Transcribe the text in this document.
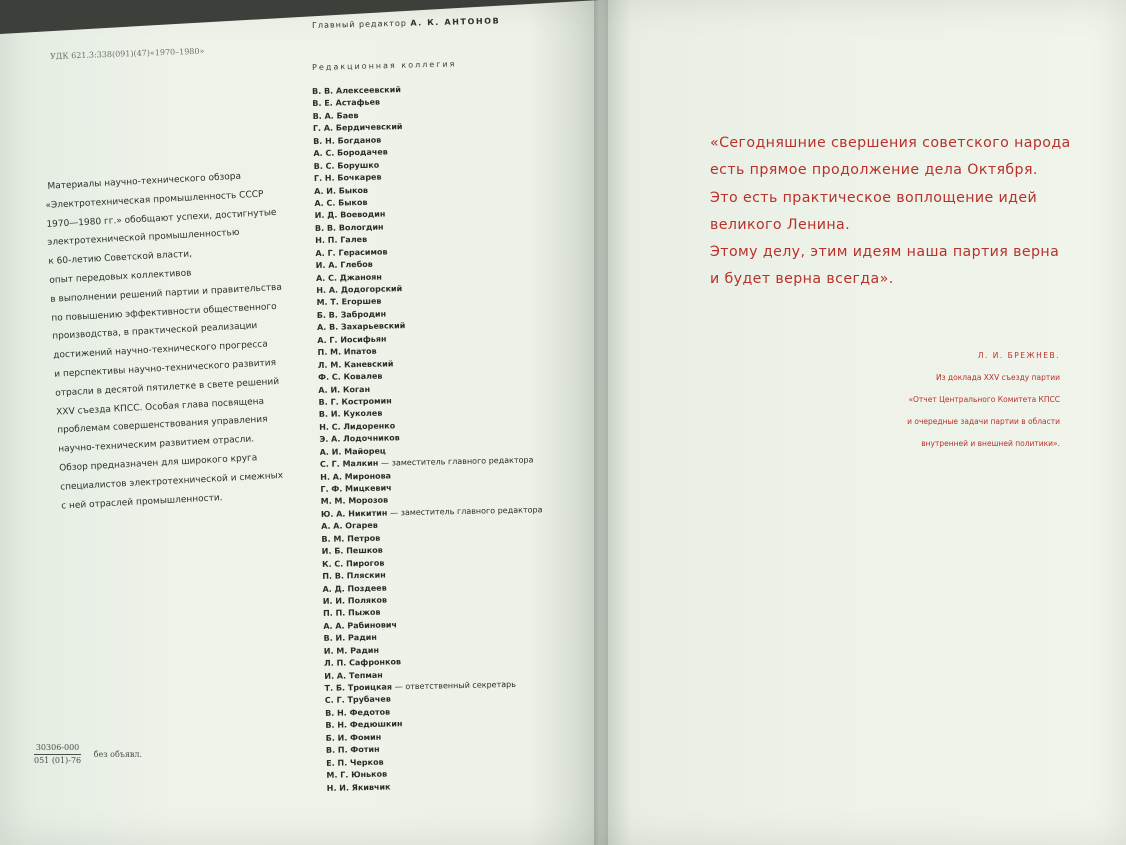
УДК 621.3:338(091)(47)«1970–1980»
Материалы научно-технического обзора
«Электротехническая промышленность СССР
1970—1980 гг.» обобщают успехи, достигнутые
электротехнической промышленностью
к 60-летию Советской власти,
опыт передовых коллективов
в выполнении решений партии и правительства
по повышению эффективности общественного
производства, в практической реализации
достижений научно-технического прогресса
и перспективы научно-технического развития
отрасли в десятой пятилетке в свете решений
XXV съезда КПСС. Особая глава посвящена
проблемам совершенствования управления
научно-техническим развитием отрасли.
Обзор предназначен для широкого круга
специалистов электротехнической и смежных
с ней отраслей промышленности.
$\frac{30306-000}{051 (01)-76}$ без объявл.
Главный редактор А. К. АНТОНОВ
Редакционная коллегия
В. В. Алексеевский
В. Е. Астафьев
В. А. Баев
Г. А. Бердичевский
В. Н. Богданов
А. С. Бородачев
В. С. Борушко
Г. Н. Бочкарев
А. И. Быков
А. С. Быков
И. Д. Воеводин
В. В. Вологдин
Н. П. Галев
А. Г. Герасимов
И. А. Глебов
А. С. Джаноян
Н. А. Додогорский
М. Т. Егоршев
Б. В. Забродин
А. В. Захарьевский
А. Г. Иосифьян
П. М. Ипатов
Л. М. Каневский
Ф. С. Ковалев
А. И. Коган
В. Г. Костромин
В. И. Куколев
Н. С. Лидоренко
Э. А. Лодочников
А. И. Майорец
С. Г. Малкин — заместитель главного редактора
Н. А. Миронова
Г. Ф. Мицкевич
М. М. Морозов
Ю. А. Никитин — заместитель главного редактора
А. А. Огарев
В. М. Петров
И. Б. Пешков
К. С. Пирогов
П. В. Пляскин
А. Д. Поздеев
И. И. Поляков
П. П. Пыжов
А. А. Рабинович
В. И. Радин
И. М. Радин
Л. П. Сафронков
И. А. Тепман
Т. Б. Троицкая — ответственный секретарь
С. Г. Трубачев
В. Н. Федотов
В. Н. Федюшкин
Б. И. Фомин
В. П. Фотин
Е. П. Черков
М. Г. Юньков
Н. И. Якивчик
«Сегодняшние свершения советского народа
есть прямое продолжение дела Октября.
Это есть практическое воплощение идей
великого Ленина.
Этому делу, этим идеям наша партия верна
и будет верна всегда».
Л. И. БРЕЖНЕВ.
Из доклада XXV съезду партии
«Отчет Центрального Комитета КПСС
и очередные задачи партии в области
внутренней и внешней политики».
